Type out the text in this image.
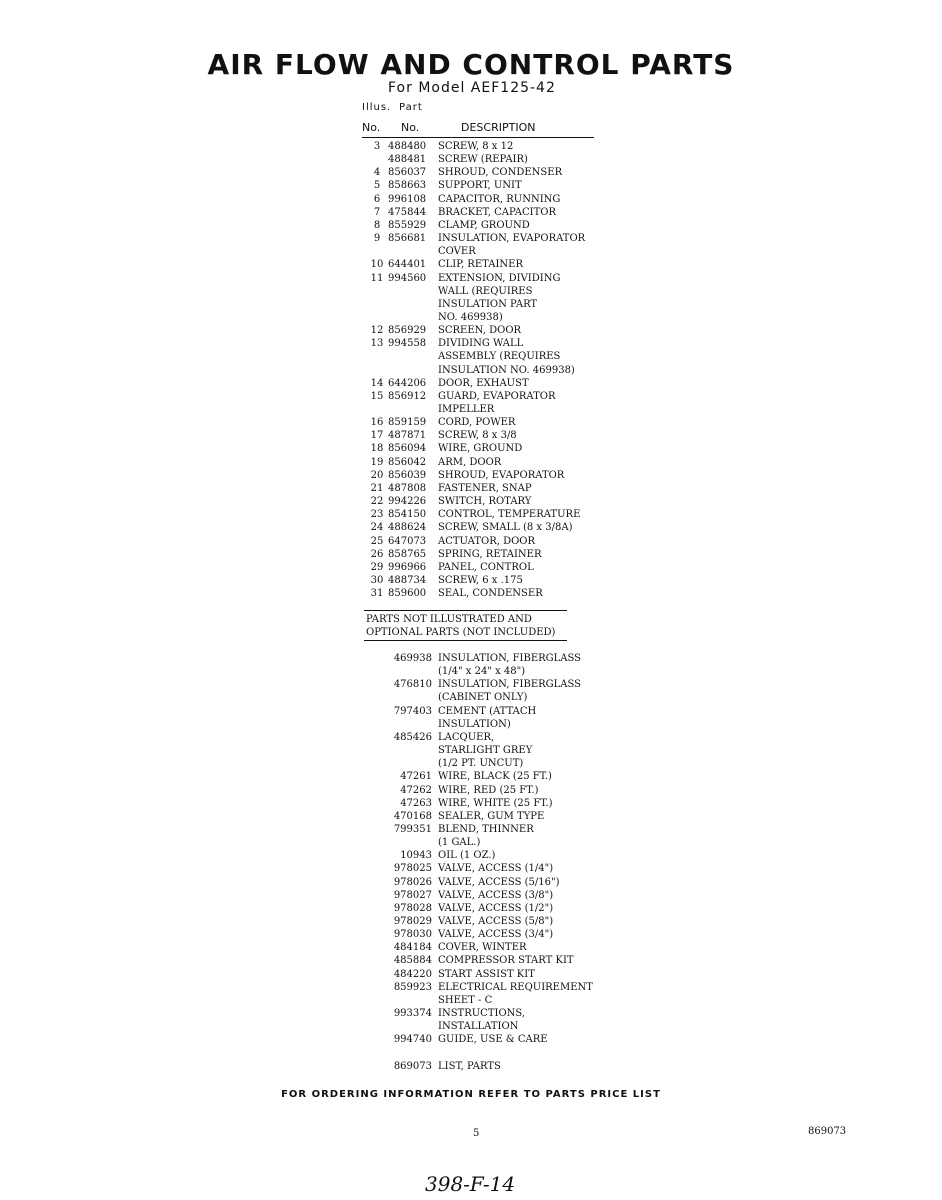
AIR FLOW AND CONTROL PARTS
For Model AEF125-42
Illus. Part
No. No.	DESCRIPTION
3 488480	SCREW, 8 x 12
488481	SCREW (REPAIR)
4 856037	SHROUD, CONDENSER
5 858663	SUPPORT, UNIT
6 996108	CAPACITOR, RUNNING
7 475844	BRACKET, CAPACITOR
8 855929	CLAMP, GROUND
9 856681	INSULATION, EVAPORATOR
COVER
10 644401	CLIP, RETAINER
11 994560	EXTENSION, DIVIDING
WALL (REQUIRES
INSULATION PART
NO. 469938)
12 856929	SCREEN, DOOR
13 994558	DIVIDING WALL
ASSEMBLY (REQUIRES
INSULATION NO. 469938)
14 644206	DOOR, EXHAUST
15 856912	GUARD, EVAPORATOR
IMPELLER
16 859159	CORD, POWER
17 487871	SCREW, 8 x 3/8
18 856094	WIRE, GROUND
19 856042	ARM, DOOR
20 856039	SHROUD, EVAPORATOR
21 487808	FASTENER, SNAP
22 994226	SWITCH, ROTARY
23 854150	CONTROL, TEMPERATURE
24 488624	SCREW, SMALL (8 x 3/8A)
25 647073	ACTUATOR, DOOR
26 858765	SPRING, RETAINER
29 996966	PANEL, CONTROL
30 488734	SCREW, 6 x .175
31 859600	SEAL, CONDENSER
PARTS NOT ILLUSTRATED AND
OPTIONAL PARTS (NOT INCLUDED)
469938 INSULATION, FIBERGLASS
(1/4" x 24" x 48")
476810 INSULATION, FIBERGLASS
(CABINET ONLY)
797403 CEMENT (ATTACH
INSULATION)
485426 LACQUER,
STARLIGHT GREY
(1/2 PT. UNCUT)
47261 WIRE, BLACK (25 FT.)
47262 WIRE, RED (25 FT.)
47263 WIRE, WHITE (25 FT.)
470168 SEALER, GUM TYPE
799351 BLEND, THINNER
(1 GAL.)
10943 OIL (1 OZ.)
978025 VALVE, ACCESS (1/4")
978026 VALVE, ACCESS (5/16")
978027 VALVE, ACCESS (3/8")
978028 VALVE, ACCESS (1/2")
978029 VALVE, ACCESS (5/8")
978030 VALVE, ACCESS (3/4")
484184 COVER, WINTER
485884 COMPRESSOR START KIT
484220 START ASSIST KIT
859923 ELECTRICAL REQUIREMENT
SHEET - C
993374 INSTRUCTIONS,
INSTALLATION
994740 GUIDE, USE & CARE
869073 LIST, PARTS
FOR ORDERING INFORMATION REFER TO PARTS PRICE LIST
5	869073
398-F-14
